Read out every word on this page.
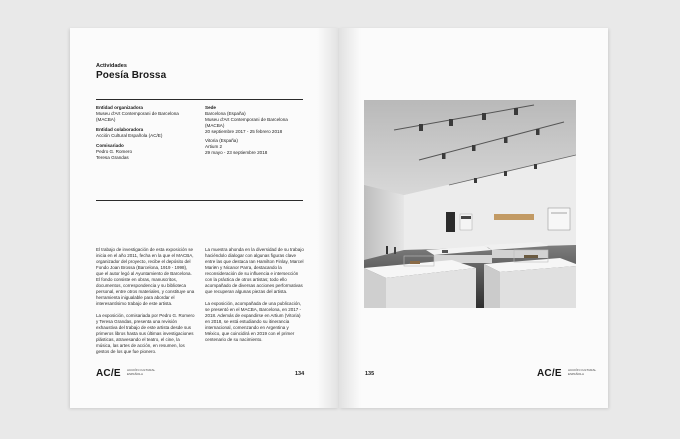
Actividades
Poesía Brossa

Entidad organizadora

Museu d'Art Contemporani de Barcelona

(MACBA)

Entidad colaboradora

Acción Cultural Española (AC/E)

Comisariado

Pedro G. Romero

Teresa Grandas

Sede

Barcelona (España)

Museu d'Art Contemporani de Barcelona

(MACBA)

20 septiembre 2017 - 25 febrero 2018

Vitoria (España)

Artium 2

29 mayo - 23 septiembre 2018

El trabajo de investigación de esta exposición se inicia en el año 2011, fecha en la que el MACBA, organizador del proyecto, recibe el depósito del Fondo Joan Brossa (Barcelona, 1919 - 1998), que el autor legó al Ayuntamiento de Barcelona. El fondo consiste en obras, manuscritos, documentos, correspondencia y su biblioteca personal, entre otros materiales, y constituye una herramienta inigualable para abordar el interesantísimo trabajo de este artista.

La exposición, comisariada por Pedro G. Romero y Teresa Grandas, presenta una revisión exhaustiva del trabajo de este artista desde sus primeros libros hasta sus últimas investigaciones plásticas, atravesando el teatro, el cine, la música, las artes de acción, en resumen, los gestos de los que fue pionero.

La muestra ahonda en la diversidad de su trabajo haciéndolo dialogar con algunas figuras clave entre las que destaca Ian Hamilton Finlay, Marcel Mariën y Nicanor Parra, destacando la reconsideración de su influencia e intersección con la práctica de otros artistas; todo ello acompañado de diversas acciones performativas que recuperan algunas piezas del artista.

La exposición, acompañada de una publicación, se presentó en el MACBA, Barcelona, en 2017 - 2018. Además de expandirse en Artium (Vitoria) en 2018, se está estudiando su itinerancia internacional, comenzando en Argentina y México, que coincidirá en 2019 con el primer centenario de su nacimiento.

AC/E ACCIÓN CULTURAL
ESPAÑOLA	134	135	AC/E ACCIÓN CULTURAL
ESPAÑOLA
